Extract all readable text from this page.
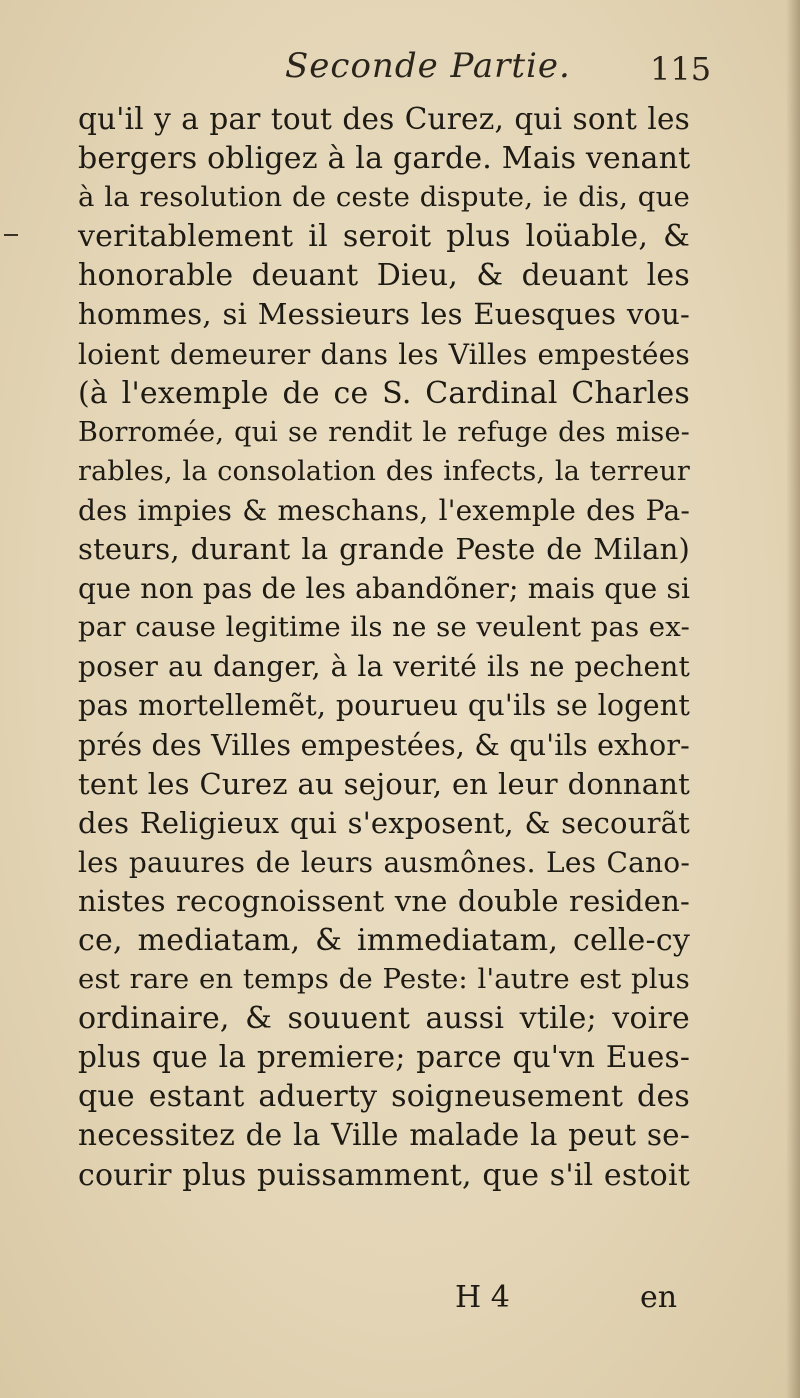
Seconde Partie. 115
qu'il y a par tout des Curez, qui sont les
bergers obligez à la garde. Mais venant
à la resolution de ceste dispute, ie dis, que
veritablement il seroit plus loüable, &
honorable deuant Dieu, & deuant les
hommes, si Messieurs les Euesques vou-
loient demeurer dans les Villes empestées
(à l'exemple de ce S. Cardinal Charles
Borromée, qui se rendit le refuge des mise-
rables, la consolation des infects, la terreur
des impies & meschans, l'exemple des Pa-
steurs, durant la grande Peste de Milan)
que non pas de les abandõner; mais que si
par cause legitime ils ne se veulent pas ex-
poser au danger, à la verité ils ne pechent
pas mortellemẽt, pourueu qu'ils se logent
prés des Villes empestées, & qu'ils exhor-
tent les Curez au sejour, en leur donnant
des Religieux qui s'exposent, & secourãt
les pauures de leurs ausmônes. Les Cano-
nistes recognoissent vne double residen-
ce, mediatam, & immediatam, celle-cy
est rare en temps de Peste: l'autre est plus
ordinaire, & souuent aussi vtile; voire
plus que la premiere; parce qu'vn Eues-
que estant aduerty soigneusement des
necessitez de la Ville malade la peut se-
courir plus puissamment, que s'il estoit
H 4	en
